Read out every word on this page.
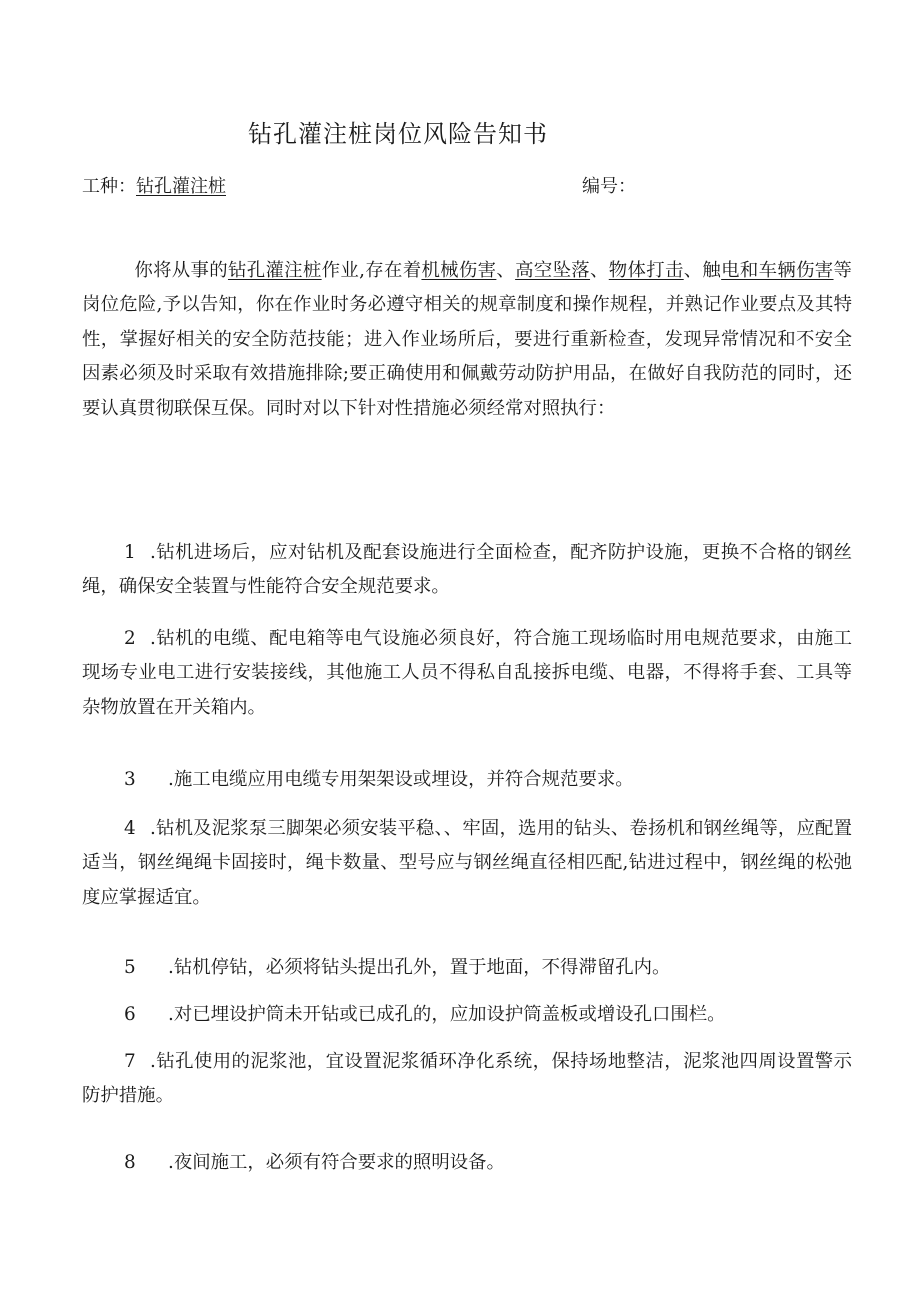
钻孔灌注桩岗位风险告知书
工种：钻孔灌注桩	编号：
你将从事的钻孔灌注桩作业,存在着机械伤害、高空坠落、物体打击、触电和车辆伤害等岗位危险,予以告知，你在作业时务必遵守相关的规章制度和操作规程，并熟记作业要点及其特性，掌握好相关的安全防范技能；进入作业场所后，要进行重新检查，发现异常情况和不安全因素必须及时采取有效措施排除;要正确使用和佩戴劳动防护用品，在做好自我防范的同时，还要认真贯彻联保互保。同时对以下针对性措施必须经常对照执行：
1 .钻机进场后，应对钻机及配套设施进行全面检查，配齐防护设施，更换不合格的钢丝绳，确保安全装置与性能符合安全规范要求。
2 .钻机的电缆、配电箱等电气设施必须良好，符合施工现场临时用电规范要求，由施工现场专业电工进行安装接线，其他施工人员不得私自乱接拆电缆、电器，不得将手套、工具等杂物放置在开关箱内。
3 .施工电缆应用电缆专用架架设或埋设，并符合规范要求。
4 .钻机及泥浆泵三脚架必须安装平稳、、牢固，选用的钻头、卷扬机和钢丝绳等，应配置适当，钢丝绳绳卡固接时，绳卡数量、型号应与钢丝绳直径相匹配,钻进过程中，钢丝绳的松弛度应掌握适宜。
5 .钻机停钻，必须将钻头提出孔外，置于地面，不得滞留孔内。
6 .对已埋设护筒未开钻或已成孔的，应加设护筒盖板或增设孔口围栏。
7 .钻孔使用的泥浆池，宜设置泥浆循环净化系统，保持场地整洁，泥浆池四周设置警示防护措施。
8 .夜间施工，必须有符合要求的照明设备。
